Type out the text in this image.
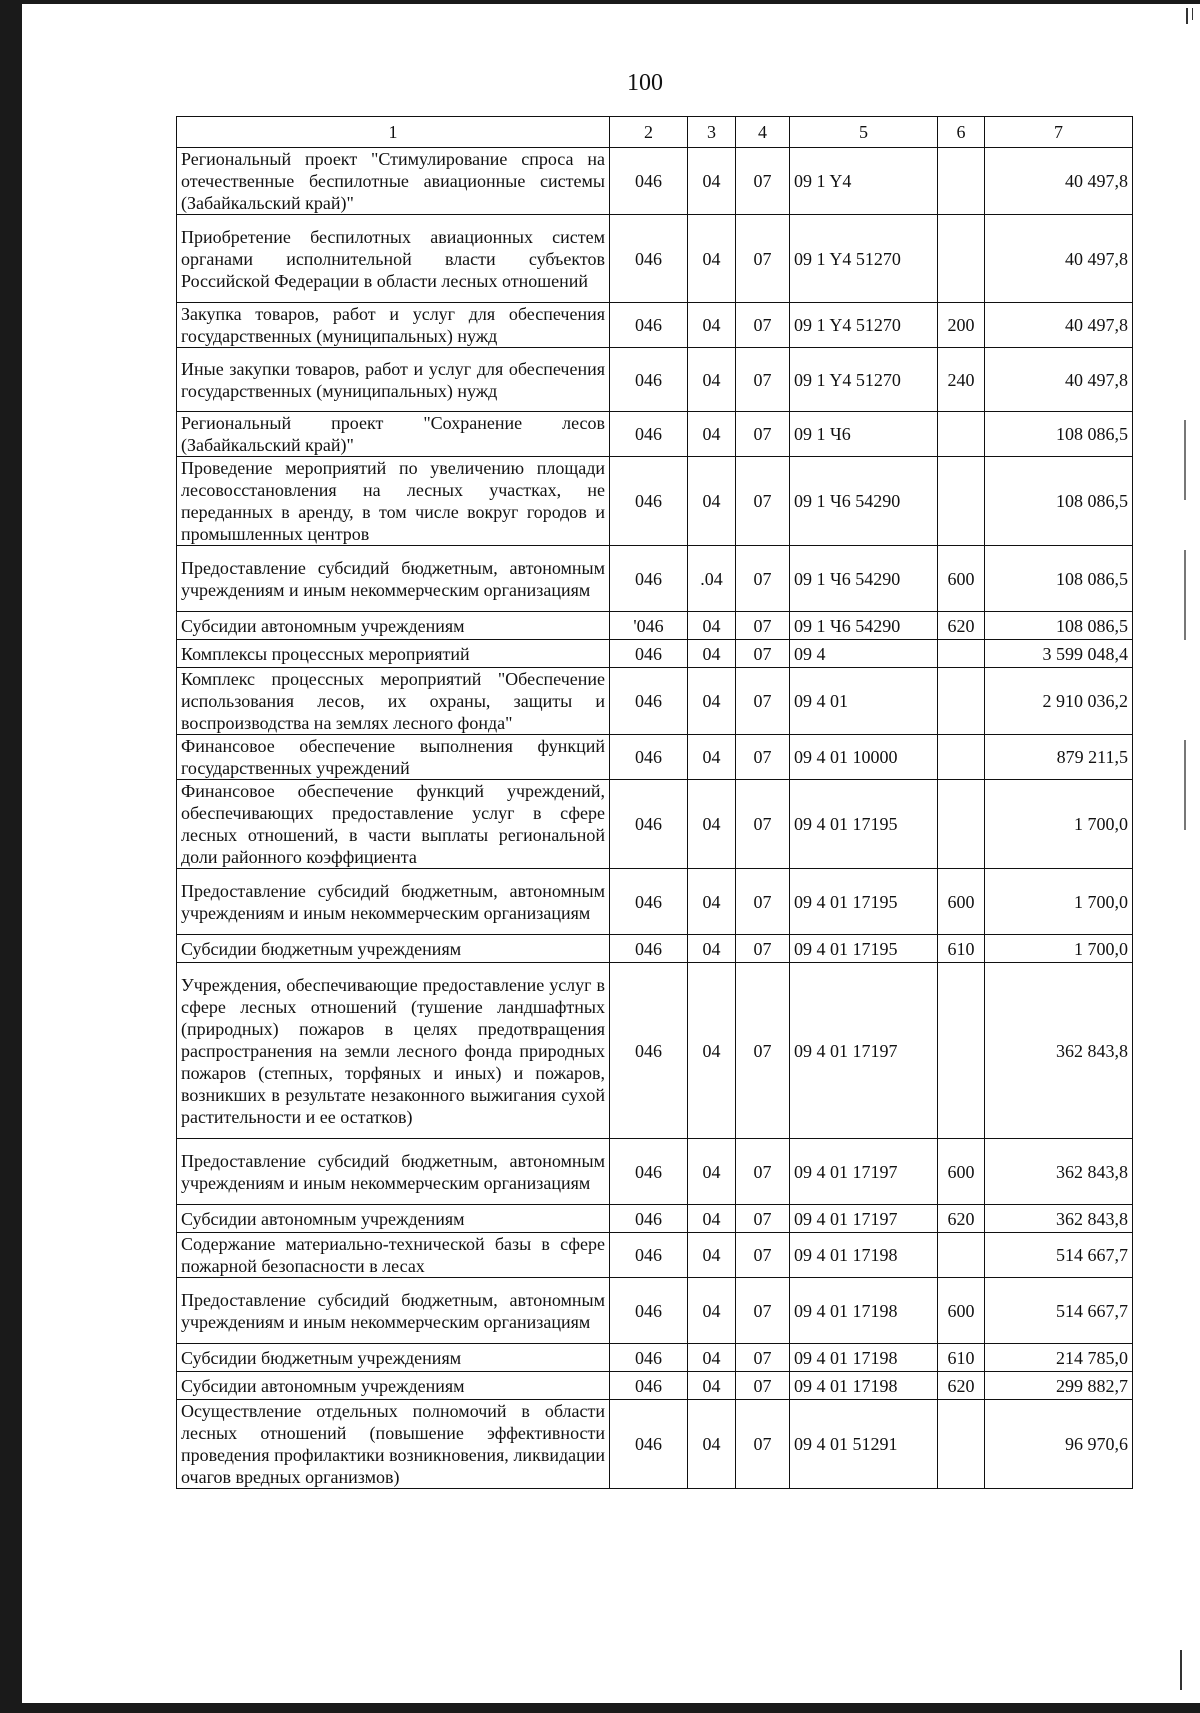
100
1	2	3	4	5	6	7
Региональный проект "Стимулирование спроса на отечественные беспилотные авиационные системы (Забайкальский край)"	046	04	07	09 1 Y4		40 497,8
Приобретение беспилотных авиационных систем органами исполнительной власти субъектов Российской Федерации в области лесных отношений	046	04	07	09 1 Y4 51270		40 497,8
Закупка товаров, работ и услуг для обеспечения государственных (муниципальных) нужд	046	04	07	09 1 Y4 51270	200	40 497,8
Иные закупки товаров, работ и услуг для обеспечения государственных (муниципальных) нужд	046	04	07	09 1 Y4 51270	240	40 497,8
Региональный проект "Сохранение лесов (Забайкальский край)"	046	04	07	09 1 Ч6		108 086,5
Проведение мероприятий по увеличению площади лесовосстановления на лесных участках, не переданных в аренду, в том числе вокруг городов и промышленных центров	046	04	07	09 1 Ч6 54290		108 086,5
Предоставление субсидий бюджетным, автономным учреждениям и иным некоммерческим организациям	046	.04	07	09 1 Ч6 54290	600	108 086,5
Субсидии автономным учреждениям	'046	04	07	09 1 Ч6 54290	620	108 086,5
Комплексы процессных мероприятий	046	04	07	09 4		3 599 048,4
Комплекс процессных мероприятий "Обеспечение использования лесов, их охраны, защиты и воспроизводства на землях лесного фонда"	046	04	07	09 4 01		2 910 036,2
Финансовое обеспечение выполнения функций государственных учреждений	046	04	07	09 4 01 10000		879 211,5
Финансовое обеспечение функций учреждений, обеспечивающих предоставление услуг в сфере лесных отношений, в части выплаты региональной доли районного коэффициента	046	04	07	09 4 01 17195		1 700,0
Предоставление субсидий бюджетным, автономным учреждениям и иным некоммерческим организациям	046	04	07	09 4 01 17195	600	1 700,0
Субсидии бюджетным учреждениям	046	04	07	09 4 01 17195	610	1 700,0
Учреждения, обеспечивающие предоставление услуг в сфере лесных отношений (тушение ландшафтных (природных) пожаров в целях предотвращения распространения на земли лесного фонда природных пожаров (степных, торфяных и иных) и пожаров, возникших в результате незаконного выжигания сухой растительности и ее остатков)	046	04	07	09 4 01 17197		362 843,8
Предоставление субсидий бюджетным, автономным учреждениям и иным некоммерческим организациям	046	04	07	09 4 01 17197	600	362 843,8
Субсидии автономным учреждениям	046	04	07	09 4 01 17197	620	362 843,8
Содержание материально-технической базы в сфере пожарной безопасности в лесах	046	04	07	09 4 01 17198		514 667,7
Предоставление субсидий бюджетным, автономным учреждениям и иным некоммерческим организациям	046	04	07	09 4 01 17198	600	514 667,7
Субсидии бюджетным учреждениям	046	04	07	09 4 01 17198	610	214 785,0
Субсидии автономным учреждениям	046	04	07	09 4 01 17198	620	299 882,7
Осуществление отдельных полномочий в области лесных отношений (повышение эффективности проведения профилактики возникновения, ликвидации очагов вредных организмов)	046	04	07	09 4 01 51291		96 970,6
